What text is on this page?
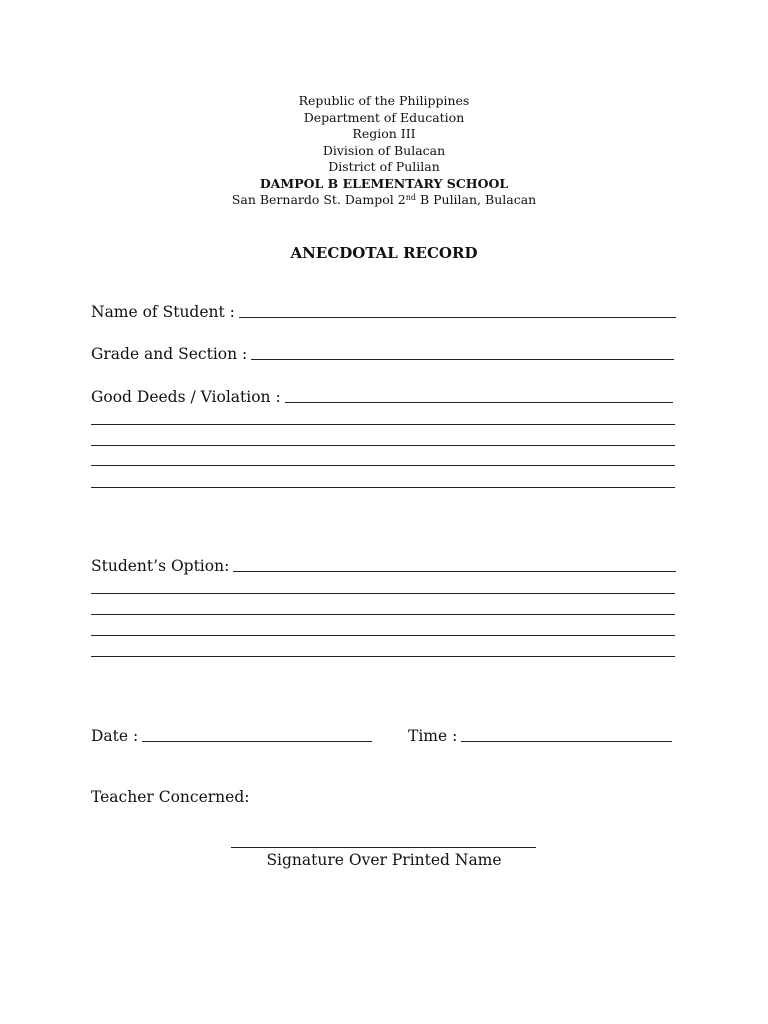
Republic of the Philippines
Department of Education
Region III
Division of Bulacan
District of Pulilan
DAMPOL B ELEMENTARY SCHOOL
San Bernardo St. Dampol 2nd B Pulilan, Bulacan
ANECDOTAL RECORD
Name of Student :
Grade and Section :
Good Deeds / Violation :
Student’s Option:
Date :	Time :
Teacher Concerned:
Signature Over Printed Name
